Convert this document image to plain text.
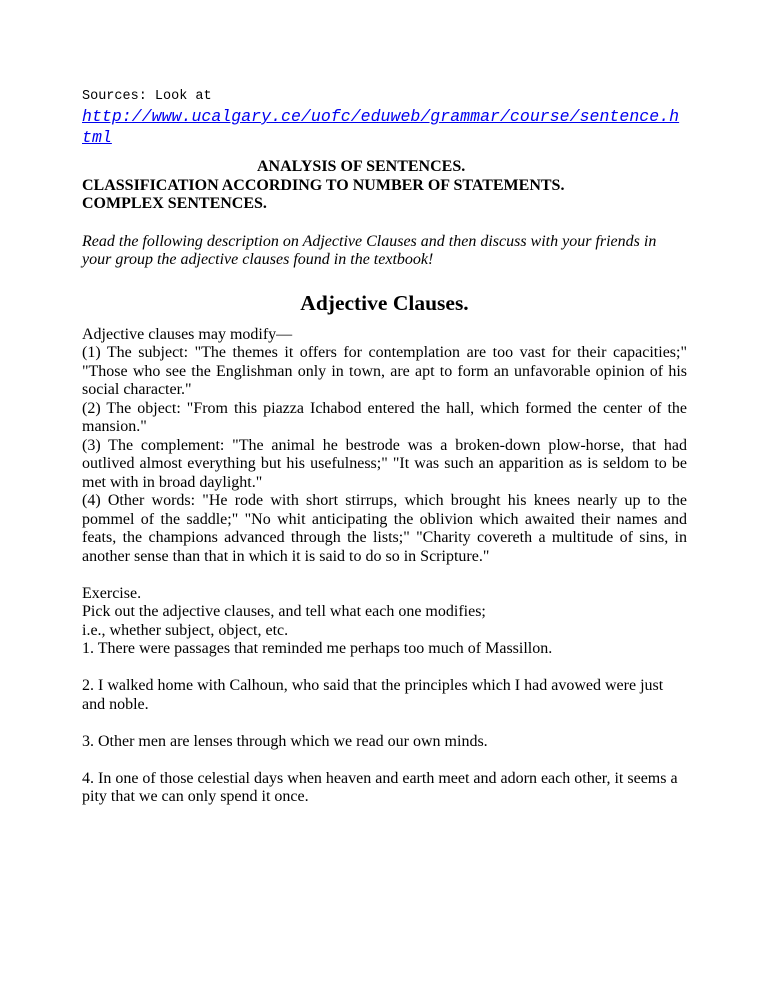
Sources: Look at

http://www.ucalgary.ce/uofc/eduweb/grammar/course/sentence.html
ANALYSIS OF SENTENCES.
CLASSIFICATION ACCORDING TO NUMBER OF STATEMENTS.
COMPLEX SENTENCES.

Read the following description on Adjective Clauses and then discuss with your friends in your group the adjective clauses found in the textbook!

Adjective Clauses.

Adjective clauses may modify—

(1) The subject: "The themes it offers for contemplation are too vast for their capacities;" "Those who see the Englishman only in town, are apt to form an unfavorable opinion of his social character."

(2) The object: "From this piazza Ichabod entered the hall, which formed the center of the mansion."

(3) The complement: "The animal he bestrode was a broken-down plow-horse, that had outlived almost everything but his usefulness;" "It was such an apparition as is seldom to be met with in broad daylight."

(4) Other words: "He rode with short stirrups, which brought his knees nearly up to the pommel of the saddle;" "No whit anticipating the oblivion which awaited their names and feats, the champions advanced through the lists;" "Charity covereth a multitude of sins, in another sense than that in which it is said to do so in Scripture."

Exercise.

Pick out the adjective clauses, and tell what each one modifies;

i.e., whether subject, object, etc.

1. There were passages that reminded me perhaps too much of Massillon.

2. I walked home with Calhoun, who said that the principles which I had avowed were just and noble.

3. Other men are lenses through which we read our own minds.

4. In one of those celestial days when heaven and earth meet and adorn each other, it seems a pity that we can only spend it once.
